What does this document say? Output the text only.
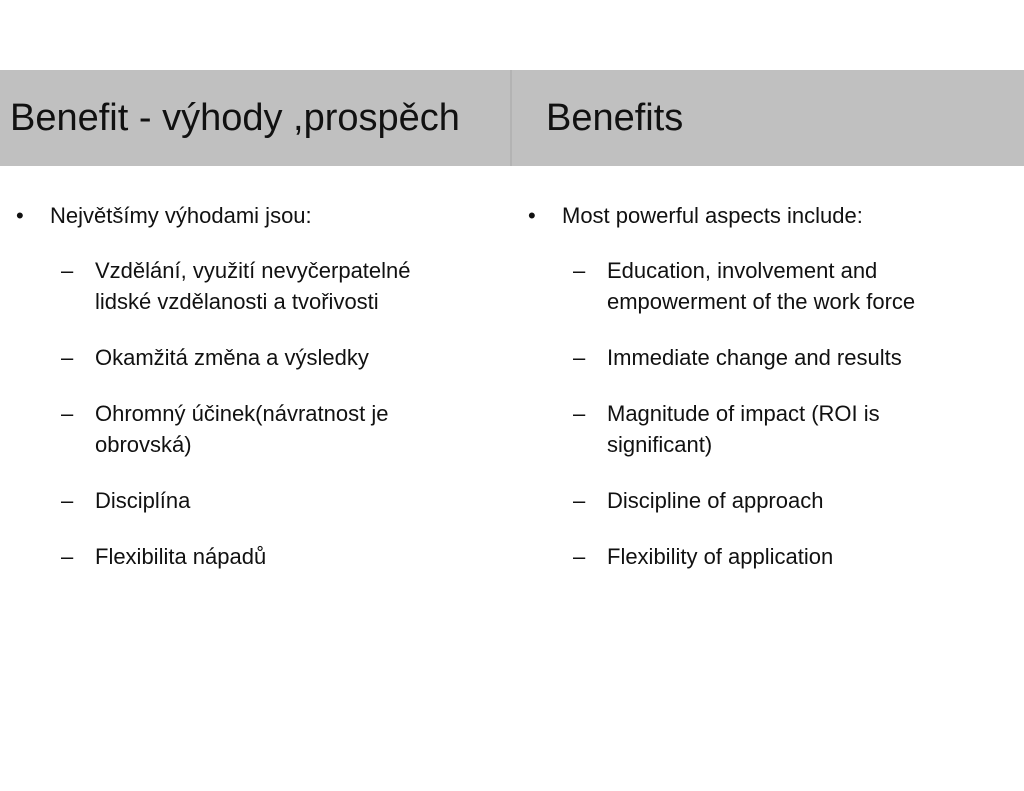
Benefit - výhody ,prospěch Benefits
• Největšímy výhodami jsou:
– Vzdělání, využití nevyčerpatelné lidské vzdělanosti a tvořivosti
– Okamžitá změna a výsledky
– Ohromný účinek(návratnost je obrovská)
– Disciplína
– Flexibilita nápadů
• Most powerful aspects include:
– Education, involvement and empowerment of the work force
– Immediate change and results
– Magnitude of impact (ROI is significant)
– Discipline of approach
– Flexibility of application
